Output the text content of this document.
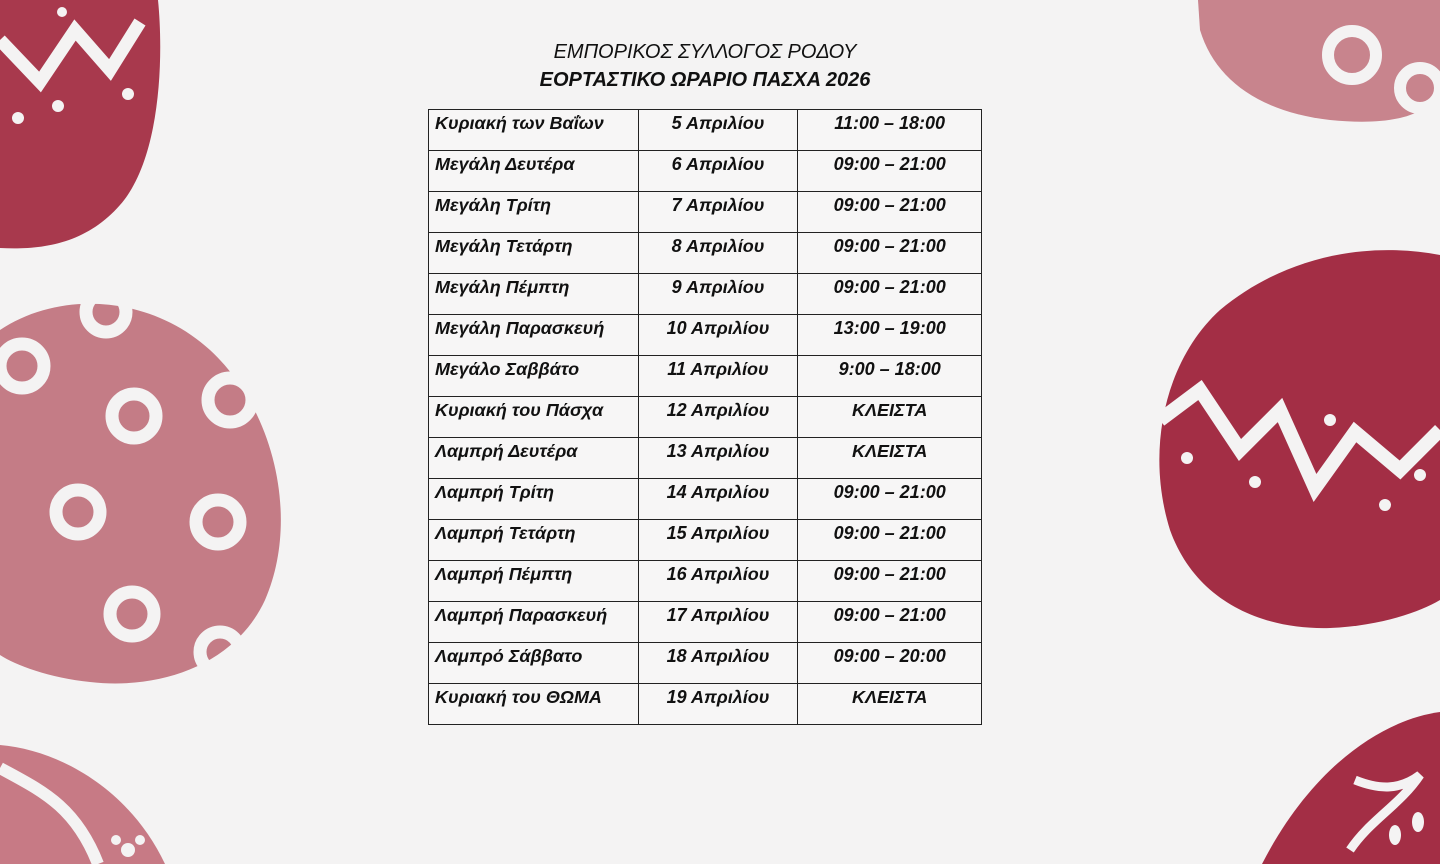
ΕΜΠΟΡΙΚΟΣ ΣΥΛΛΟΓΟΣ ΡΟΔΟΥ
ΕΟΡΤΑΣΤΙΚΟ ΩΡΑΡΙΟ ΠΑΣΧΑ 2026
Κυριακή των Βαΐων	5 Απριλίου	11:00 – 18:00
Μεγάλη Δευτέρα	6 Απριλίου	09:00 – 21:00
Μεγάλη Τρίτη	7 Απριλίου	09:00 – 21:00
Μεγάλη Τετάρτη	8 Απριλίου	09:00 – 21:00
Μεγάλη Πέμπτη	9 Απριλίου	09:00 – 21:00
Μεγάλη Παρασκευή	10 Απριλίου	13:00 – 19:00
Μεγάλο Σαββάτο	11 Απριλίου	9:00 – 18:00
Κυριακή του Πάσχα	12 Απριλίου	ΚΛΕΙΣΤΑ
Λαμπρή Δευτέρα	13 Απριλίου	ΚΛΕΙΣΤΑ
Λαμπρή Τρίτη	14 Απριλίου	09:00 – 21:00
Λαμπρή Τετάρτη	15 Απριλίου	09:00 – 21:00
Λαμπρή Πέμπτη	16 Απριλίου	09:00 – 21:00
Λαμπρή Παρασκευή	17 Απριλίου	09:00 – 21:00
Λαμπρό Σάββατο	18 Απριλίου	09:00 – 20:00
Κυριακή του ΘΩΜΑ	19 Απριλίου	ΚΛΕΙΣΤΑ
